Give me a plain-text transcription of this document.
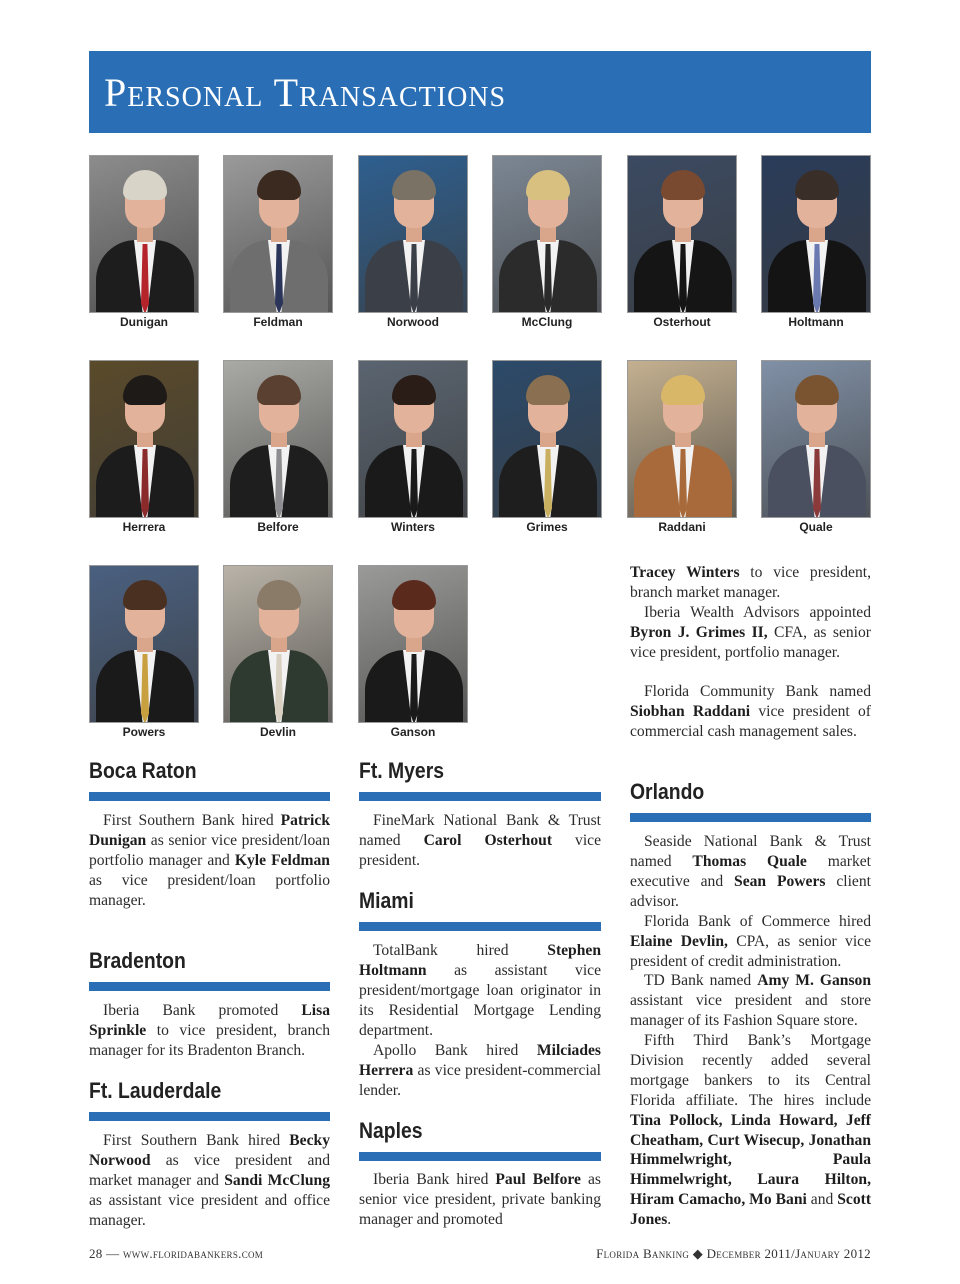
Personal Transactions
Dunigan	Feldman	Norwood	McClung	Osterhout	Holtmann
Herrera	Belfore	Winters	Grimes	Raddani	Quale
Powers	Devlin	Ganson
Boca Raton

First Southern Bank hired Patrick Dunigan as senior vice president/loan portfolio manager and Kyle Feldman as vice president/loan portfolio manager.

Bradenton

Iberia Bank promoted Lisa Sprinkle to vice president, branch manager for its Bradenton Branch.

Ft. Lauderdale

First Southern Bank hired Becky Norwood as vice president and market manager and Sandi McClung as assistant vice president and office manager.

Ft. Myers

FineMark National Bank & Trust named Carol Osterhout vice president.

Miami

TotalBank hired Stephen Holtmann as assistant vice president/mortgage loan originator in its Residential Mortgage Lending department.

Apollo Bank hired Milciades Herrera as vice president-commercial lender.

Naples

Iberia Bank hired Paul Belfore as senior vice president, private banking manager and promoted

Tracey Winters to vice president, branch market manager.

Iberia Wealth Advisors appointed Byron J. Grimes II, CFA, as senior vice president, portfolio manager.

Florida Community Bank named Siobhan Raddani vice president of commercial cash management sales.

Orlando

Seaside National Bank & Trust named Thomas Quale market executive and Sean Powers client advisor.

Florida Bank of Commerce hired Elaine Devlin, CPA, as senior vice president of credit administration.

TD Bank named Amy M. Ganson assistant vice president and store manager of its Fashion Square store.

Fifth Third Bank’s Mortgage Division recently added several mortgage bankers to its Central Florida affiliate. The hires include Tina Pollock, Linda Howard, Jeff Cheatham, Curt Wisecup, Jonathan Himmelwright, Paula Himmelwright, Laura Hilton, Hiram Camacho, Mo Bani and Scott Jones.

28 — www.floridabankers.com	Florida Banking ◆ December 2011/January 2012
